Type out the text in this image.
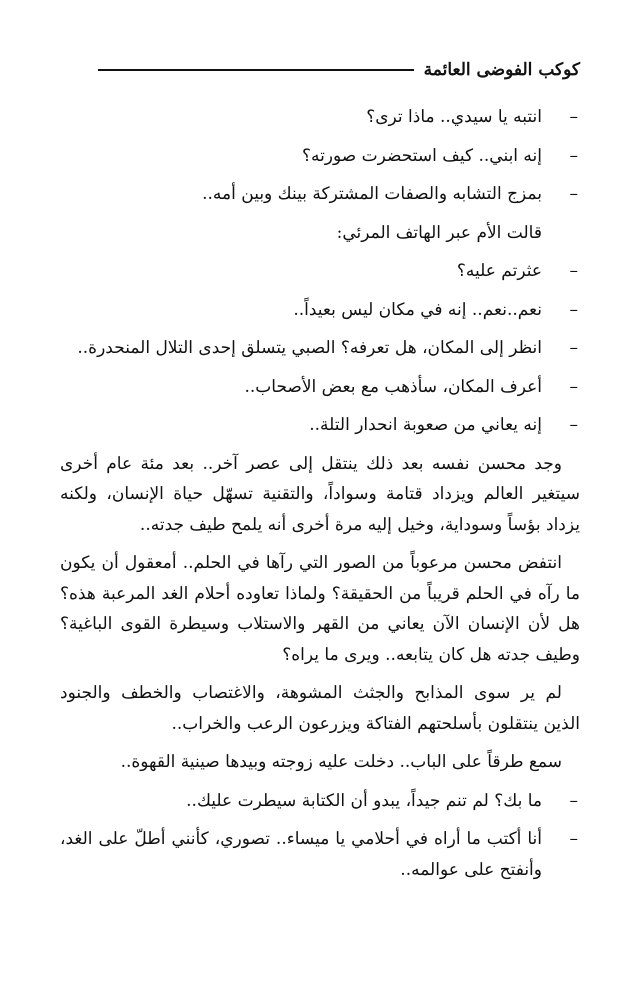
كوكب الفوضى العائمة
–
انتبه يا سيدي.. ماذا ترى؟
–
إنه ابني.. كيف استحضرت صورته؟
–
بمزج التشابه والصفات المشتركة بينك وبين أمه..
قالت الأم عبر الهاتف المرئي:
–
عثرتم عليه؟
–
نعم..نعم.. إنه في مكان ليس بعيداً..
–
انظر إلى المكان، هل تعرفه؟ الصبي يتسلق إحدى التلال المنحدرة..
–
أعرف المكان، سأذهب مع بعض الأصحاب..
–
إنه يعاني من صعوبة انحدار التلة..

وجد محسن نفسه بعد ذلك ينتقل إلى عصر آخر.. بعد مئة عام أخرى سيتغير العالم ويزداد قتامة وسواداً، والتقنية تسهّل حياة الإنسان، ولكنه يزداد بؤساً وسوداية، وخيل إليه مرة أخرى أنه يلمح طيف جدته..

انتفض محسن مرعوباً من الصور التي رآها في الحلم.. أمعقول أن يكون ما رآه في الحلم قريباً من الحقيقة؟ ولماذا تعاوده أحلام الغد المرعبة هذه؟ هل لأن الإنسان الآن يعاني من القهر والاستلاب وسيطرة القوى الباغية؟ وطيف جدته هل كان يتابعه.. ويرى ما يراه؟

لم ير سوى المذابح والجثث المشوهة، والاغتصاب والخطف والجنود الذين ينتقلون بأسلحتهم الفتاكة ويزرعون الرعب والخراب..

سمع طرقاً على الباب.. دخلت عليه زوجته وبيدها صينية القهوة..

–
ما بك؟ لم تنم جيداً، يبدو أن الكتابة سيطرت عليك..
–
أنا أكتب ما أراه في أحلامي يا ميساء.. تصوري، كأنني أطلّ على الغد، وأنفتح على عوالمه..
